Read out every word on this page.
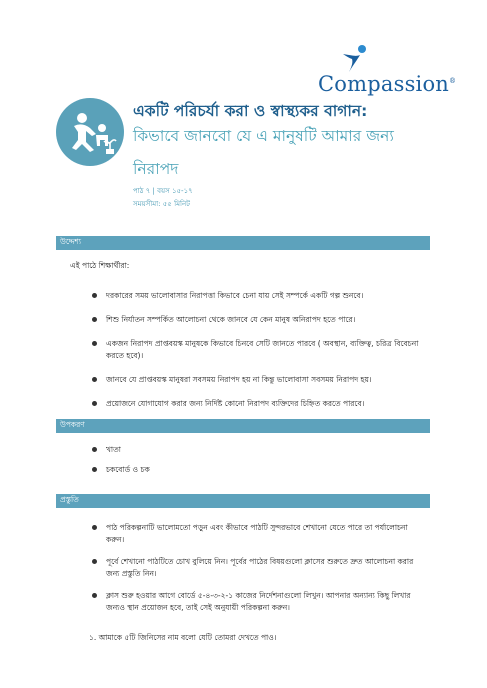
Compassion®
একটি পরিচর্যা করা ও স্বাস্থ্যকর বাগান:
কিভাবে জানবো যে এ মানুষটি আমার জন্য
নিরাপদ
পাঠ ৭ | বয়স ১৫-১৭
সময়সীমা: ৫৫ মিনিট
উদ্দেশ্য
এই পাঠে শিক্ষার্থীরা:
দরকারের সময় ভালোবাসার নিরাপত্তা কিভাবে চেনা যায় সেই সম্পর্কে একটি গল্প শুনবে।
শিশু নির্যাতন সম্পর্কিত আলোচনা থেকে জানবে যে কেন মানুষ অনিরাপদ হতে পারে।
একজন নিরাপদ প্রাপ্তবয়স্ক মানুষকে কিভাবে চিনবে সেটি জানতে পারবে ( অবস্থান, ব্যক্তিত্ব, চরিত্র বিবেচনা করতে হবে)।
জানবে যে প্রাপ্তবয়স্ক মানুষরা সবসময় নিরাপদ হয় না কিন্তু ভালোবাসা সবসময় নিরাপদ হয়।
প্রয়োজনে যোগাযোগ করার জন্য নির্দিষ্ট কোনো নিরাপদ ব্যক্তিদের চিহ্নিত করতে পারবে।
উপকরণ
খাতা
চকবোর্ড ও চক
প্রস্তুতি
পাঠ পরিকল্পনাটি ভালোমতো পড়ুন এবং কীভাবে পাঠটি সুন্দরভাবে শেখানো যেতে পারে তা পর্যালোচনা করুন।
পূর্বে শেখানো পাঠটিতে চোখ বুলিয়ে নিন। পূর্বের পাঠের বিষয়গুলো ক্লাসের শুরুতে দ্রুত আলোচনা করার জন্য প্রস্তুতি নিন।
ক্লাস শুরু হওয়ার আগে বোর্ডে ৫-৪-৩-২-১ কাজের নির্দেশনাগুলো লিখুন। আপনার অন্যান্য কিছু লিখার জন্যও স্থান প্রয়োজন হবে, তাই সেই অনুযায়ী পরিকল্পনা করুন।
১. আমাকে ৫টি জিনিসের নাম বলো যেটি তোমরা দেখতে পাও।
